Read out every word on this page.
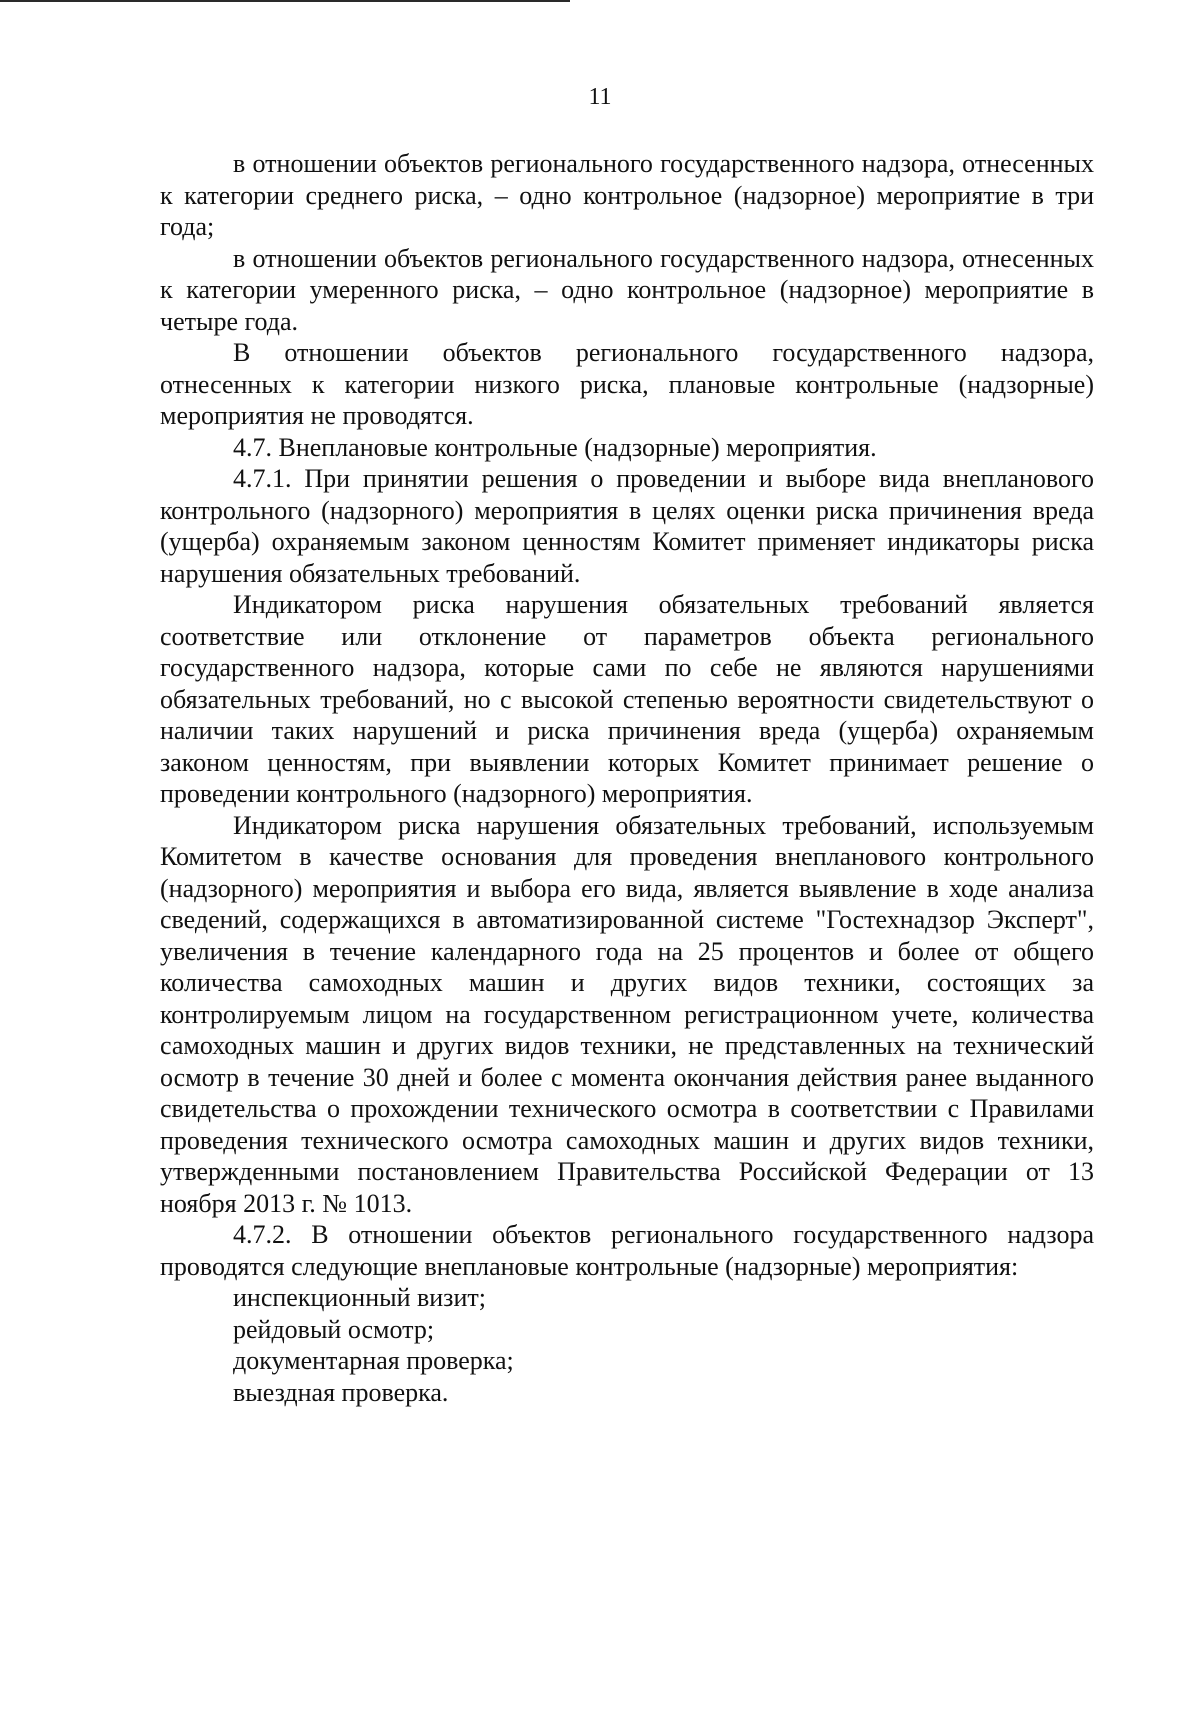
11

в отношении объектов регионального государственного надзора, отнесенных к категории среднего риска, – одно контрольное (надзорное) мероприятие в три года;

в отношении объектов регионального государственного надзора, отнесенных к категории умеренного риска, – одно контрольное (надзорное) мероприятие в четыре года.

В отношении объектов регионального государственного надзора, отнесенных к категории низкого риска, плановые контрольные (надзорные) мероприятия не проводятся.

4.7. Внеплановые контрольные (надзорные) мероприятия.

4.7.1. При принятии решения о проведении и выборе вида внепланового контрольного (надзорного) мероприятия в целях оценки риска причинения вреда (ущерба) охраняемым законом ценностям Комитет применяет индикаторы риска нарушения обязательных требований.

Индикатором риска нарушения обязательных требований является соответствие или отклонение от параметров объекта регионального государственного надзора, которые сами по себе не являются нарушениями обязательных требований, но с высокой степенью вероятности свидетельствуют о наличии таких нарушений и риска причинения вреда (ущерба) охраняемым законом ценностям, при выявлении которых Комитет принимает решение о проведении контрольного (надзорного) мероприятия.

Индикатором риска нарушения обязательных требований, используемым Комитетом в качестве основания для проведения внепланового контрольного (надзорного) мероприятия и выбора его вида, является выявление в ходе анализа сведений, содержащихся в автоматизированной системе "Гостехнадзор Эксперт", увеличения в течение календарного года на 25 процентов и более от общего количества самоходных машин и других видов техники, состоящих за контролируемым лицом на государственном регистрационном учете, количества самоходных машин и других видов техники, не представленных на технический осмотр в течение 30 дней и более с момента окончания действия ранее выданного свидетельства о прохождении технического осмотра в соответствии с Правилами проведения технического осмотра самоходных машин и других видов техники, утвержденными постановлением Правительства Российской Федерации от 13 ноября 2013 г. № 1013.

4.7.2. В отношении объектов регионального государственного надзора проводятся следующие внеплановые контрольные (надзорные) мероприятия:

инспекционный визит;
рейдовый осмотр;
документарная проверка;
выездная проверка.
